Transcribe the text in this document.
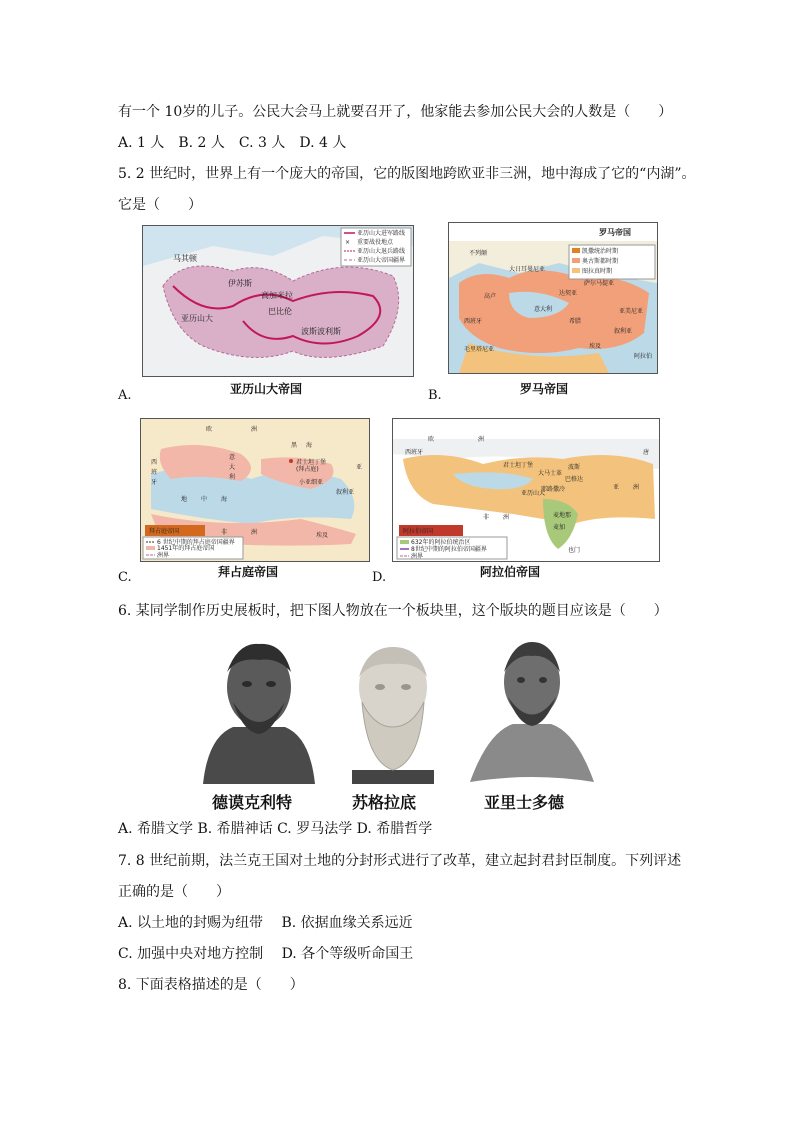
有一个 10岁的儿子。公民大会马上就要召开了，他家能去参加公民大会的人数是（　　）
A. 1 人　B. 2 人　C. 3 人　D. 4 人
5. 2 世纪时，世界上有一个庞大的帝国，它的版图地跨欧亚非三洲，地中海成了它的“内湖”。
它是（　　）
马其顿
伊苏斯
高加米拉
巴比伦
亚历山大
波斯波利斯
亚历山大进军路线
× 重要战役地点
亚历山大退兵路线
亚历山大帝国疆界
A.	亚历山大帝国
罗马帝国
凯撒统治时期
奥古斯都时期
图拉真时期
不列颠
大日耳曼尼亚
萨尔马提亚
达契亚
亚美尼亚
意大利
高卢
西班牙	希腊
埃及
叙利亚
毛里塔尼亚
阿拉伯
B.	罗马帝国
欧	洲
西
班
牙
意
大
利
君士坦丁堡
(拜占庭)
小亚细亚
叙利亚
埃及
非	洲
地 中 海
黑 海
亚
拜占庭帝国
6 世纪中期的拜占庭帝国疆界
1451年的拜占庭帝国
洲界
C.	拜占庭帝国
欧	洲
西班牙
君士坦丁堡
大马士革
巴格达
亚历山大
耶路撒冷
麦地那
麦加
也门
波斯
非 洲
亚 洲
唐
阿拉伯帝国
632年的阿拉伯统治区
8世纪中期的阿拉伯帝国疆界
洲界
D.	阿拉伯帝国
6. 某同学制作历史展板时，把下图人物放在一个板块里，这个版块的题目应该是（　　）
德谟克利特	苏格拉底	亚里士多德
A. 希腊文学 B. 希腊神话 C. 罗马法学 D. 希腊哲学
7. 8 世纪前期，法兰克王国对土地的分封形式进行了改革，建立起封君封臣制度。下列评述
正确的是（　　）
A. 以土地的封赐为纽带　 B. 依据血缘关系远近
C. 加强中央对地方控制　 D. 各个等级听命国王
8. 下面表格描述的是（　　）
